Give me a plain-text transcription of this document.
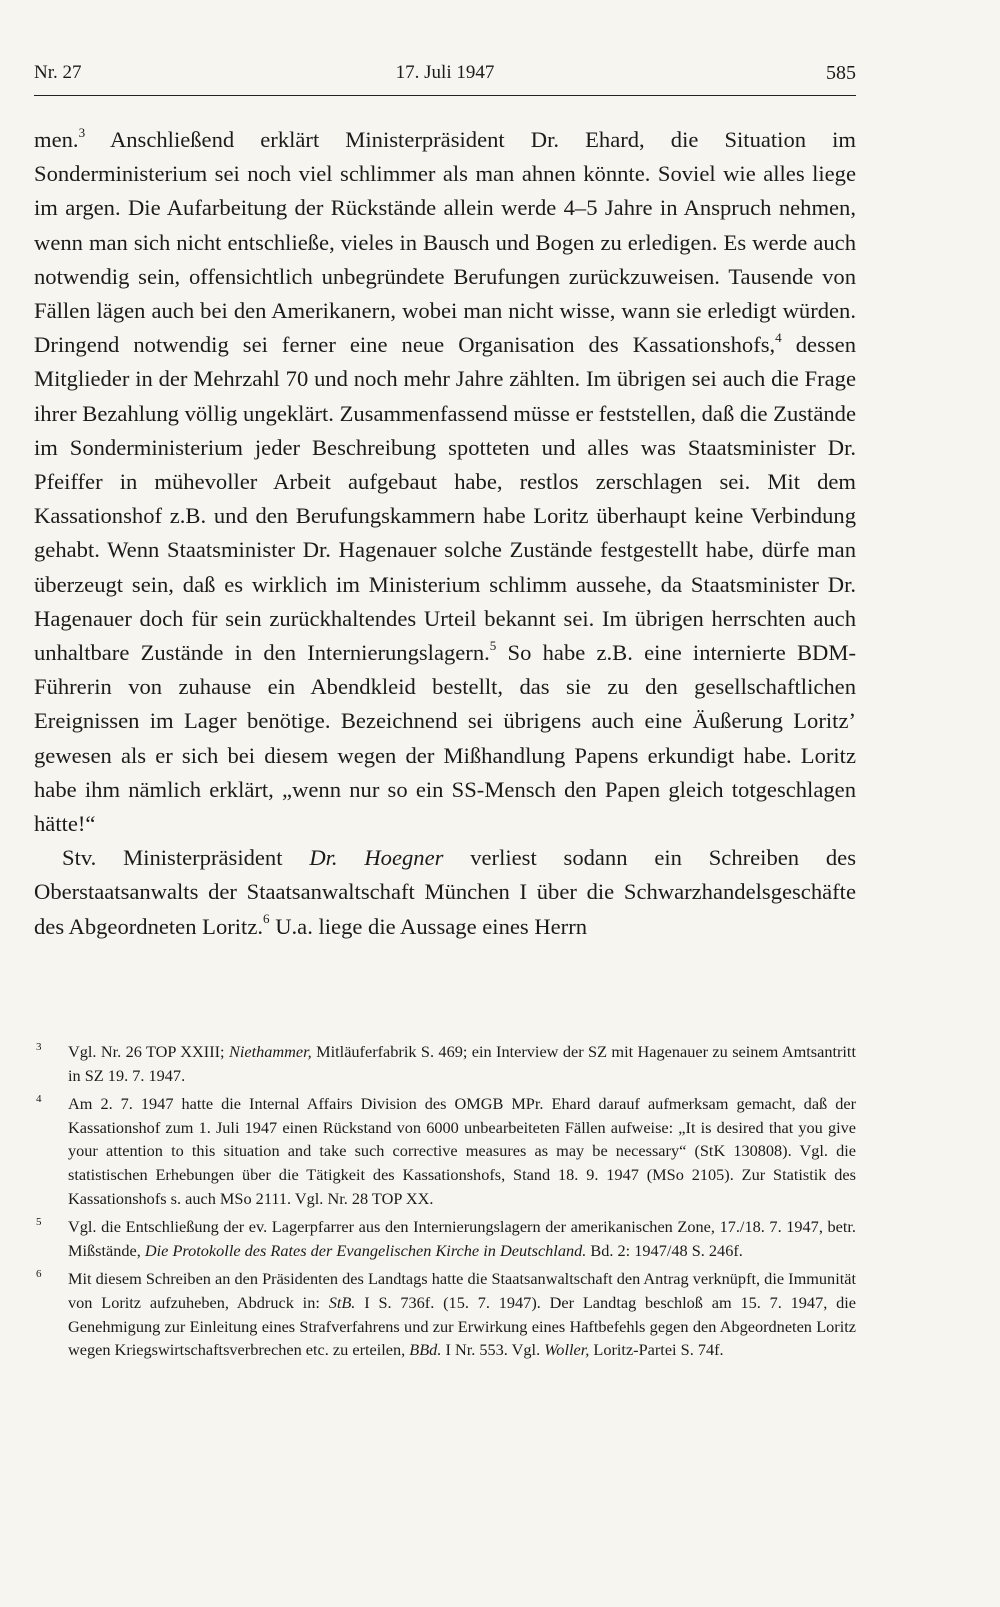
Nr. 27	17. Juli 1947	585

men.$^3$ Anschließend erklärt Ministerpräsident Dr. Ehard, die Situation im Sonderministerium sei noch viel schlimmer als man ahnen könnte. Soviel wie alles liege im argen. Die Aufarbeitung der Rückstände allein werde 4–5 Jahre in Anspruch nehmen, wenn man sich nicht entschließe, vieles in Bausch und Bogen zu erledigen. Es werde auch notwendig sein, offensichtlich unbegründete Berufungen zurückzuweisen. Tausende von Fällen lägen auch bei den Amerikanern, wobei man nicht wisse, wann sie erledigt würden. Dringend notwendig sei ferner eine neue Organisation des Kassationshofs,$^4$ dessen Mitglieder in der Mehrzahl 70 und noch mehr Jahre zählten. Im übrigen sei auch die Frage ihrer Bezahlung völlig ungeklärt. Zusammenfassend müsse er feststellen, daß die Zustände im Sonderministerium jeder Beschreibung spotteten und alles was Staatsminister Dr. Pfeiffer in mühevoller Arbeit aufgebaut habe, restlos zerschlagen sei. Mit dem Kassationshof z.B. und den Berufungskammern habe Loritz überhaupt keine Verbindung gehabt. Wenn Staatsminister Dr. Hagenauer solche Zustände festgestellt habe, dürfe man überzeugt sein, daß es wirklich im Ministerium schlimm aussehe, da Staatsminister Dr. Hagenauer doch für sein zurückhaltendes Urteil bekannt sei. Im übrigen herrschten auch unhaltbare Zustände in den Internierungslagern.$^5$ So habe z.B. eine internierte BDM-Führerin von zuhause ein Abendkleid bestellt, das sie zu den gesellschaftlichen Ereignissen im Lager benötige. Bezeichnend sei übrigens auch eine Äußerung Loritz’ gewesen als er sich bei diesem wegen der Mißhandlung Papens erkundigt habe. Loritz habe ihm nämlich erklärt, „wenn nur so ein SS-Mensch den Papen gleich totgeschlagen hätte!“

Stv. Ministerpräsident Dr. Hoegner verliest sodann ein Schreiben des Oberstaatsanwalts der Staatsanwaltschaft München I über die Schwarzhandelsgeschäfte des Abgeordneten Loritz.$^6$ U.a. liege die Aussage eines Herrn

3 Vgl. Nr. 26 TOP XXIII; Niethammer, Mitläuferfabrik S. 469; ein Interview der SZ mit Hagenauer zu seinem Amtsantritt in SZ 19. 7. 1947.
4 Am 2. 7. 1947 hatte die Internal Affairs Division des OMGB MPr. Ehard darauf aufmerksam gemacht, daß der Kassationshof zum 1. Juli 1947 einen Rückstand von 6000 unbearbeiteten Fällen aufweise: „It is desired that you give your attention to this situation and take such corrective measures as may be necessary“ (StK 130808). Vgl. die statistischen Erhebungen über die Tätigkeit des Kassationshofs, Stand 18. 9. 1947 (MSo 2105). Zur Statistik des Kassationshofs s. auch MSo 2111. Vgl. Nr. 28 TOP XX.
5 Vgl. die Entschließung der ev. Lagerpfarrer aus den Internierungslagern der amerikanischen Zone, 17./18. 7. 1947, betr. Mißstände, Die Protokolle des Rates der Evangelischen Kirche in Deutschland. Bd. 2: 1947/48 S. 246f.
6 Mit diesem Schreiben an den Präsidenten des Landtags hatte die Staatsanwaltschaft den Antrag verknüpft, die Immunität von Loritz aufzuheben, Abdruck in: StB. I S. 736f. (15. 7. 1947). Der Landtag beschloß am 15. 7. 1947, die Genehmigung zur Einleitung eines Strafverfahrens und zur Erwirkung eines Haftbefehls gegen den Abgeordneten Loritz wegen Kriegswirtschaftsverbrechen etc. zu erteilen, BBd. I Nr. 553. Vgl. Woller, Loritz-Partei S. 74f.
